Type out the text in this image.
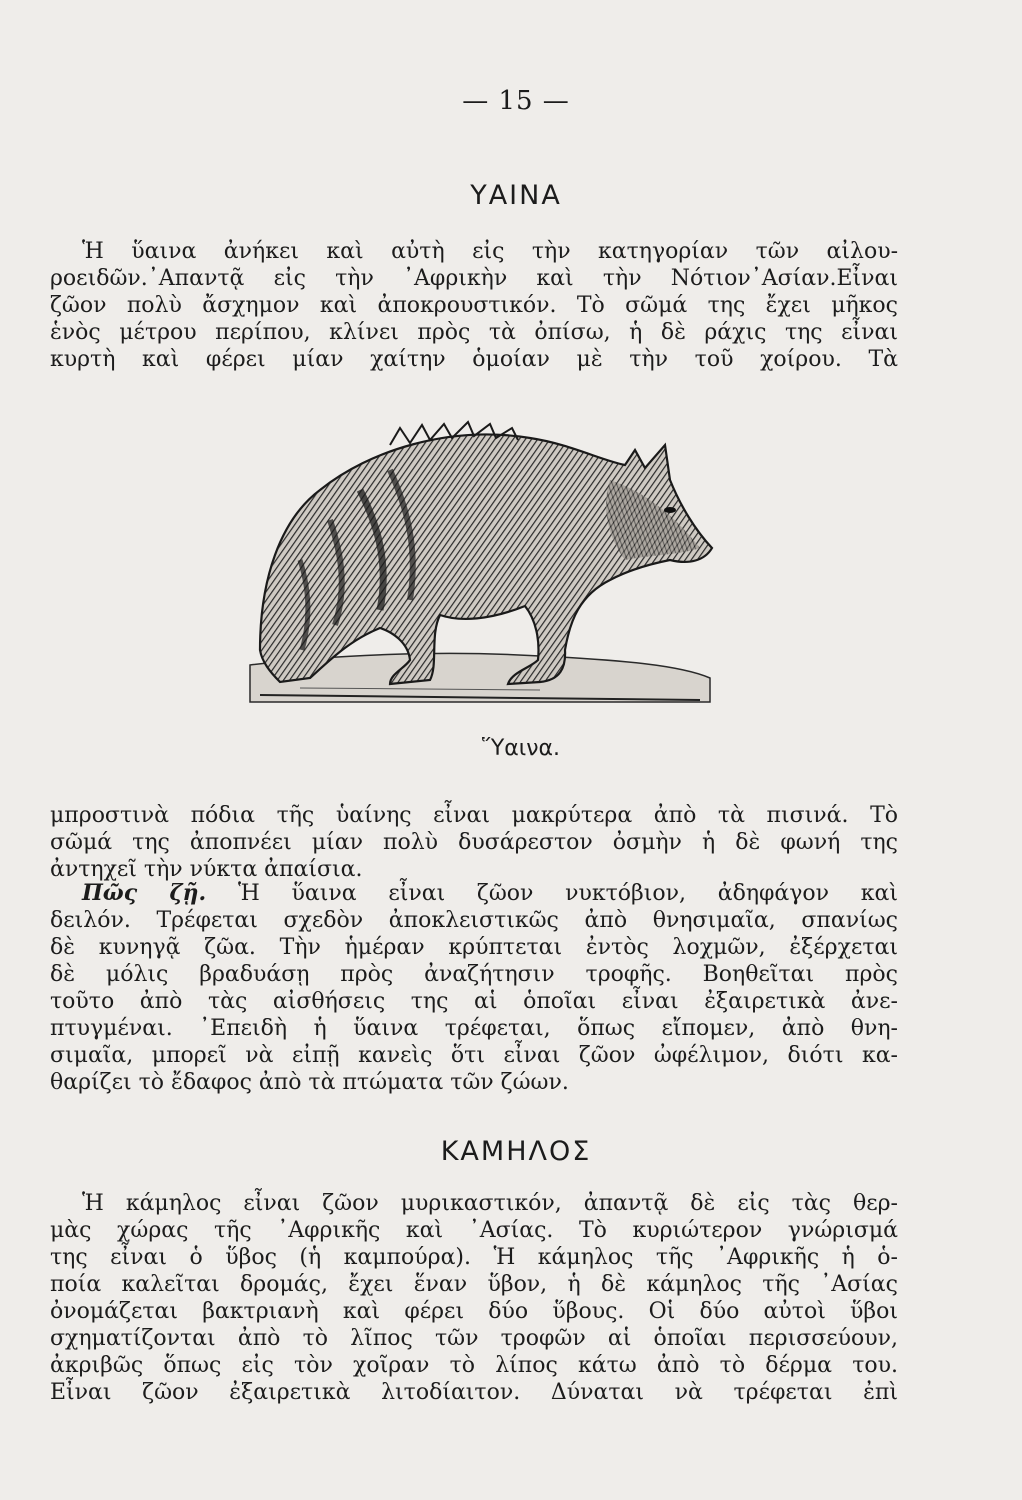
— 15 —
ΥΑΙΝΑ
Ἡ ὕαινα ἀνήκει καὶ αὐτὴ εἰς τὴν κατηγορίαν τῶν αἰλου-
ροειδῶν.᾿Απαντᾷ εἰς τὴν ᾿Αφρικὴν καὶ τὴν Νότιον᾿Ασίαν.Εἶναι
ζῶον πολὺ ἄσχημον καὶ ἀποκρουστικόν. Τὸ σῶμά της ἔχει μῆκος
ἑνὸς μέτρου περίπου, κλίνει πρὸς τὰ ὀπίσω, ἡ δὲ ράχις της εἶναι
κυρτὴ καὶ φέρει μίαν χαίτην ὁμοίαν μὲ τὴν τοῦ χοίρου. Τὰ
Ὕαινα.
μπροστινὰ πόδια τῆς ὑαίνης εἶναι μακρύτερα ἀπὸ τὰ πισινά. Τὸ
σῶμά της ἀποπνέει μίαν πολὺ δυσάρεστον ὀσμὴν ἡ δὲ φωνή της
ἀντηχεῖ τὴν νύκτα ἀπαίσια.
Πῶς ζῇ. Ἡ ὕαινα εἶναι ζῶον νυκτόβιον, ἀδηφάγον καὶ
δειλόν. Τρέφεται σχεδὸν ἀποκλειστικῶς ἀπὸ θνησιμαῖα, σπανίως
δὲ κυνηγᾷ ζῶα. Τὴν ἡμέραν κρύπτεται ἐντὸς λοχμῶν, ἐξέρχεται
δὲ μόλις βραδυάσῃ πρὸς ἀναζήτησιν τροφῆς. Βοηθεῖται πρὸς
τοῦτο ἀπὸ τὰς αἰσθήσεις της αἱ ὁποῖαι εἶναι ἐξαιρετικὰ ἀνε-
πτυγμέναι. ᾿Επειδὴ ἡ ὕαινα τρέφεται, ὅπως εἴπομεν, ἀπὸ θνη-
σιμαῖα, μπορεῖ νὰ εἰπῇ κανεὶς ὅτι εἶναι ζῶον ὠφέλιμον, διότι κα-
θαρίζει τὸ ἔδαφος ἀπὸ τὰ πτώματα τῶν ζώων.
ΚΑΜΗΛΟΣ
Ἡ κάμηλος εἶναι ζῶον μυρικαστικόν, ἀπαντᾷ δὲ εἰς τὰς θερ-
μὰς χώρας τῆς ᾿Αφρικῆς καὶ ᾿Ασίας. Τὸ κυριώτερον γνώρισμά
της εἶναι ὁ ὕβος (ἡ καμπούρα). Ἡ κάμηλος τῆς ᾿Αφρικῆς ἡ ὁ-
ποία καλεῖται δρομάς, ἔχει ἕναν ὕβον, ἡ δὲ κάμηλος τῆς ᾿Ασίας
ὀνομάζεται βακτριανὴ καὶ φέρει δύο ὕβους. Οἱ δύο αὐτοὶ ὕβοι
σχηματίζονται ἀπὸ τὸ λῖπος τῶν τροφῶν αἱ ὁποῖαι περισσεύουν,
ἀκριβῶς ὅπως εἰς τὸν χοῖραν τὸ λίπος κάτω ἀπὸ τὸ δέρμα του.
Εἶναι ζῶον ἐξαιρετικὰ λιτοδίαιτον. Δύναται νὰ τρέφεται ἐπὶ
